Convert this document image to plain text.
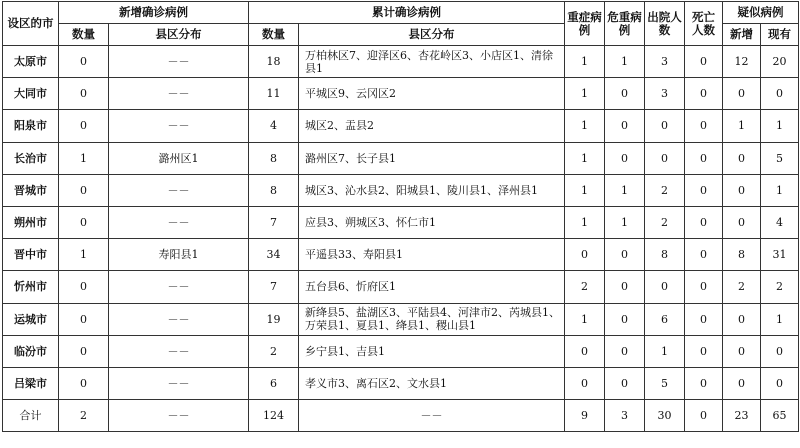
设区的市	新增确诊病例		累计确诊病例		重症病例	危重病例	出院人数	死亡人数	疑似病例	
	数量	县区分布	数量	县区分布					新增	现有
太原市	0	－－	18	万柏林区7、迎泽区6、杏花岭区3、小店区1、清徐县1	1	1	3	0	12	20
大同市	0	－－	11	平城区9、云冈区2	1	0	3	0	0	0
阳泉市	0	－－	4	城区2、盂县2	1	0	0	0	1	1
长治市	1	潞州区1	8	潞州区7、长子县1	1	0	0	0	0	5
晋城市	0	－－	8	城区3、沁水县2、阳城县1、陵川县1、泽州县1	1	1	2	0	0	1
朔州市	0	－－	7	应县3、朔城区3、怀仁市1	1	1	2	0	0	4
晋中市	1	寿阳县1	34	平遥县33、寿阳县1	0	0	8	0	8	31
忻州市	0	－－	7	五台县6、忻府区1	2	0	0	0	2	2
运城市	0	－－	19	新绛县5、盐湖区3、平陆县4、河津市2、芮城县1、万荣县1、夏县1、绛县1、稷山县1	1	0	6	0	0	1
临汾市	0	－－	2	乡宁县1、吉县1	0	0	1	0	0	0
吕梁市	0	－－	6	孝义市3、离石区2、文水县1	0	0	5	0	0	0
合计	2	－－	124	－－	9	3	30	0	23	65
